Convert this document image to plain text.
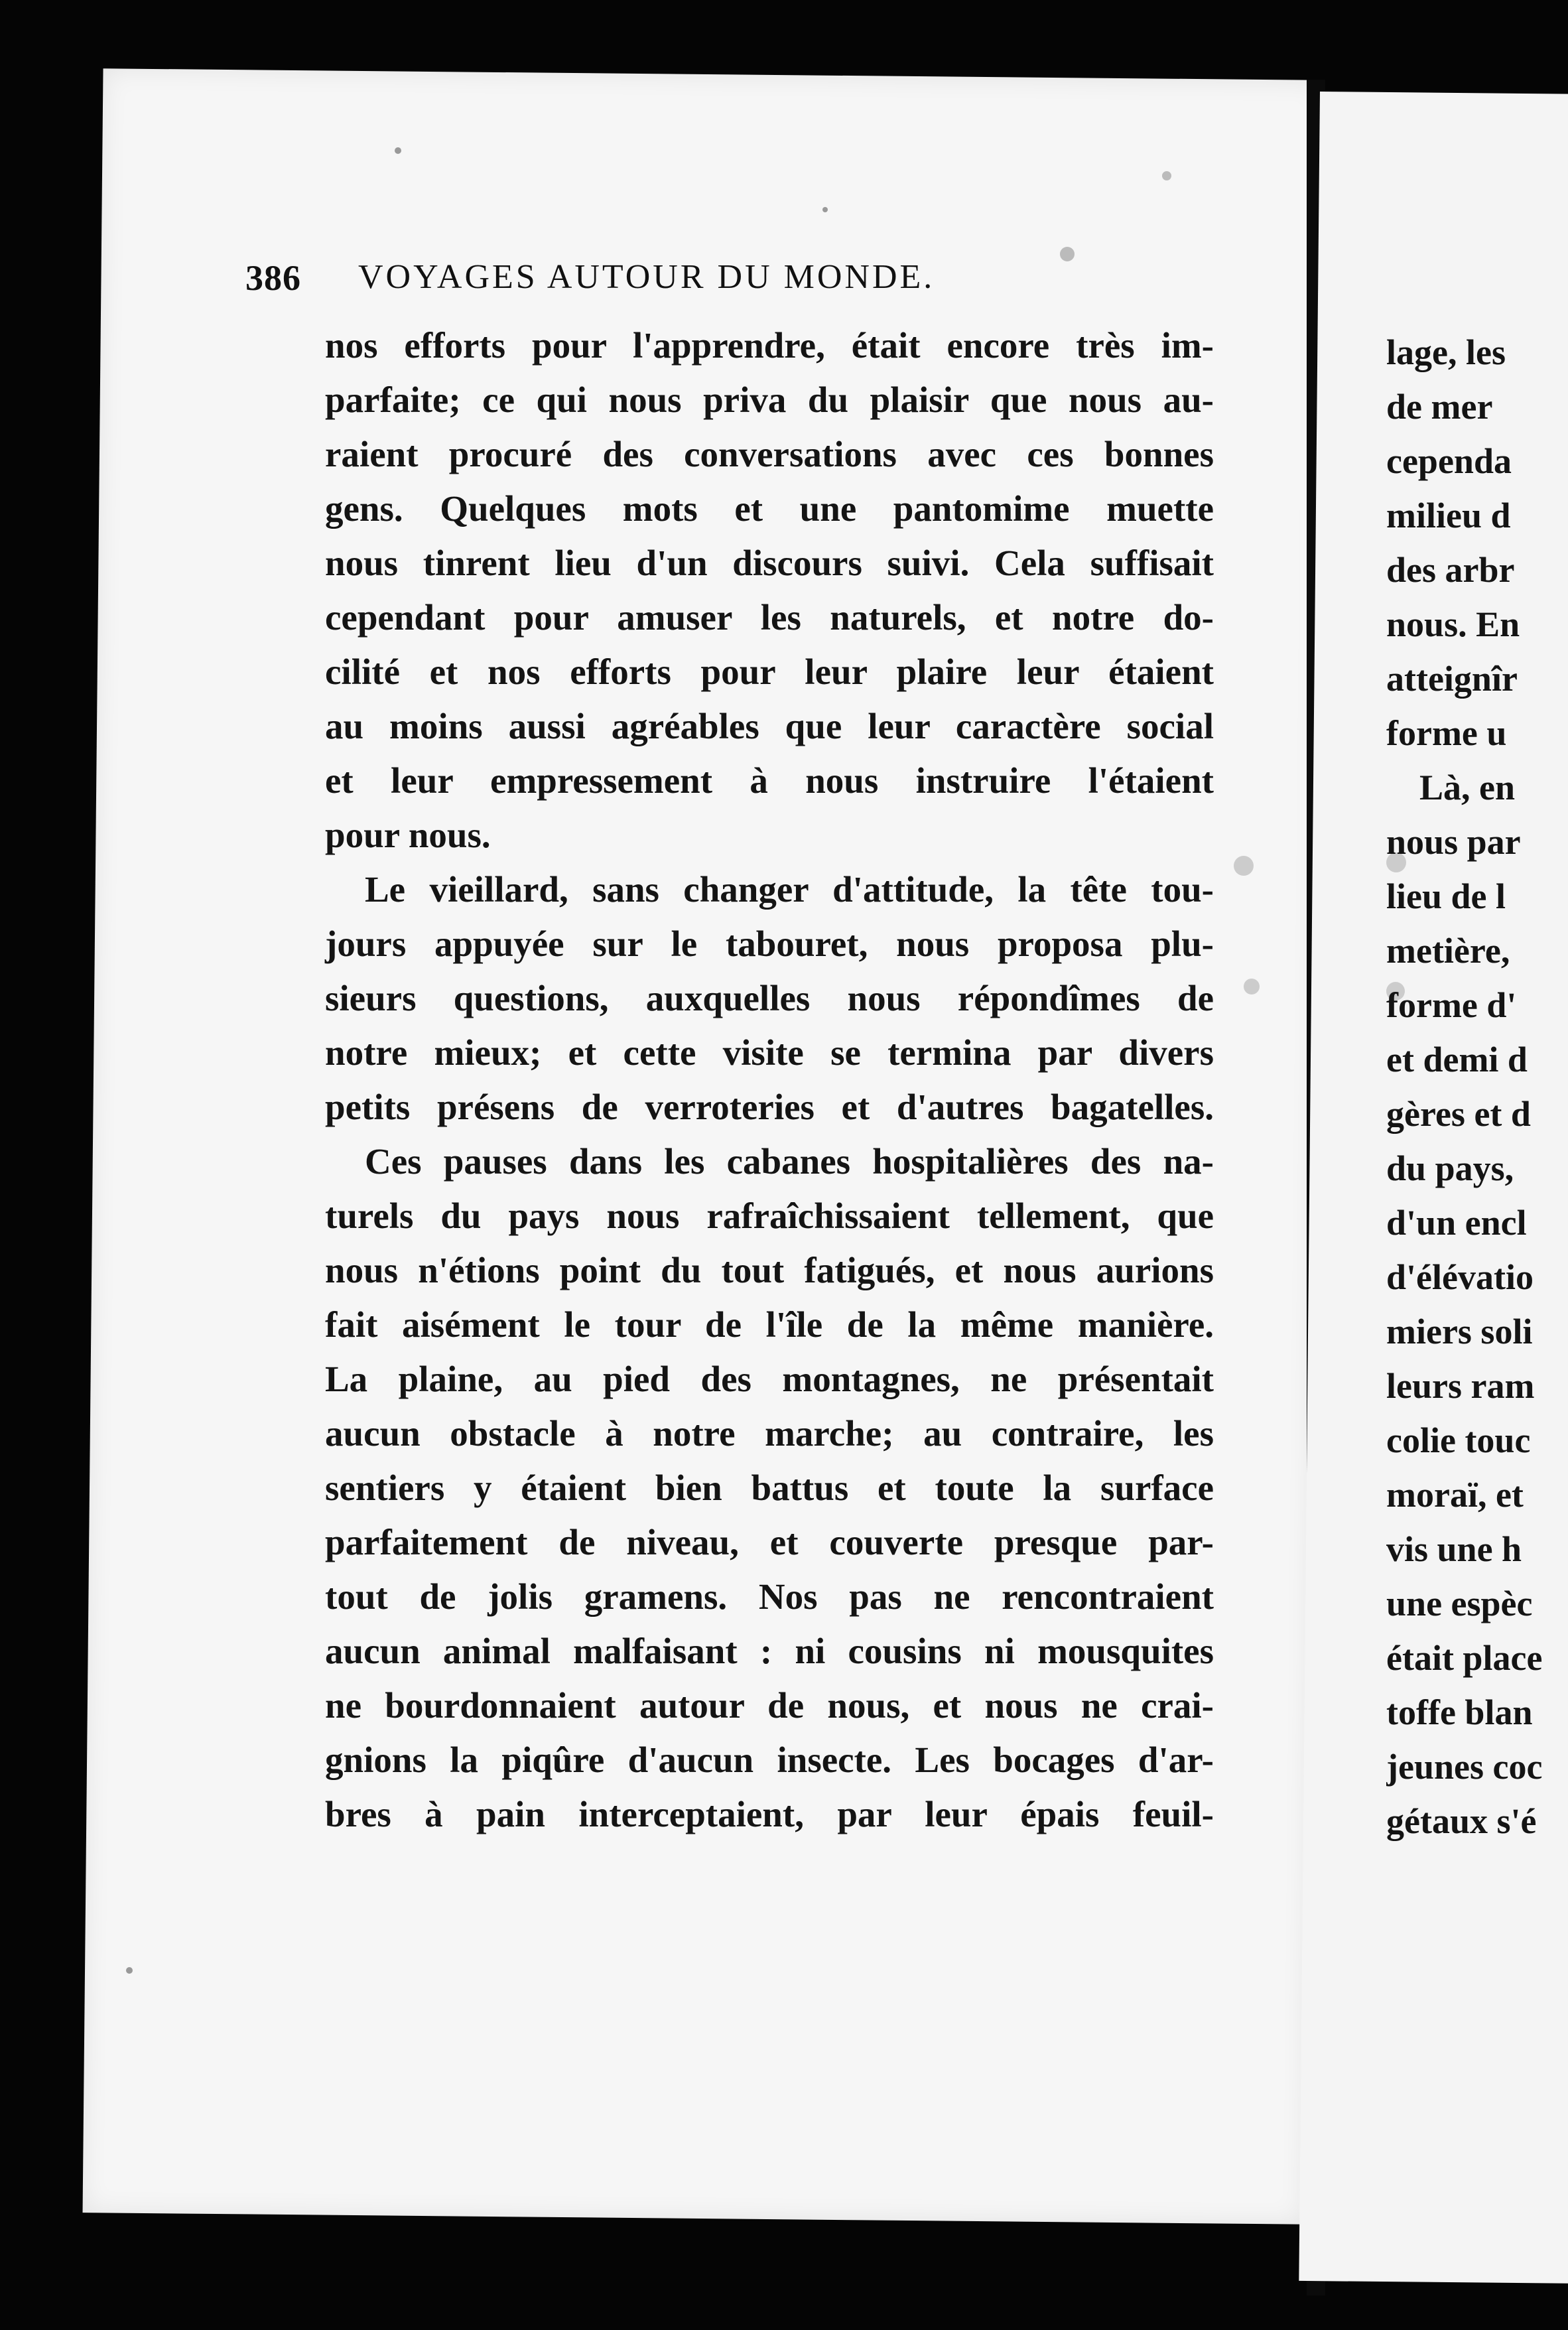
386 VOYAGES AUTOUR DU MONDE.
nos efforts pour l'apprendre, était encore très im-
parfaite; ce qui nous priva du plaisir que nous au-
raient procuré des conversations avec ces bonnes
gens. Quelques mots et une pantomime muette
nous tinrent lieu d'un discours suivi. Cela suffisait
cependant pour amuser les naturels, et notre do-
cilité et nos efforts pour leur plaire leur étaient
au moins aussi agréables que leur caractère social
et leur empressement à nous instruire l'étaient
pour nous.
Le vieillard, sans changer d'attitude, la tête tou-
jours appuyée sur le tabouret, nous proposa plu-
sieurs questions, auxquelles nous répondîmes de
notre mieux; et cette visite se termina par divers
petits présens de verroteries et d'autres bagatelles.
Ces pauses dans les cabanes hospitalières des na-
turels du pays nous rafraîchissaient tellement, que
nous n'étions point du tout fatigués, et nous aurions
fait aisément le tour de l'île de la même manière.
La plaine, au pied des montagnes, ne présentait
aucun obstacle à notre marche; au contraire, les
sentiers y étaient bien battus et toute la surface
parfaitement de niveau, et couverte presque par-
tout de jolis gramens. Nos pas ne rencontraient
aucun animal malfaisant : ni cousins ni mousquites
ne bourdonnaient autour de nous, et nous ne crai-
gnions la piqûre d'aucun insecte. Les bocages d'ar-
bres à pain interceptaient, par leur épais feuil-
lage, les
de mer
cependa
milieu d
des arbr
nous. En
atteignîr
forme u
Là, en
nous par
lieu de l
metière,
forme d'
et demi d
gères et d
du pays,
d'un encl
d'élévatio
miers soli
leurs ram
colie touc
moraï, et
vis une h
une espèc
était place
toffe blan
jeunes coc
gétaux s'é
